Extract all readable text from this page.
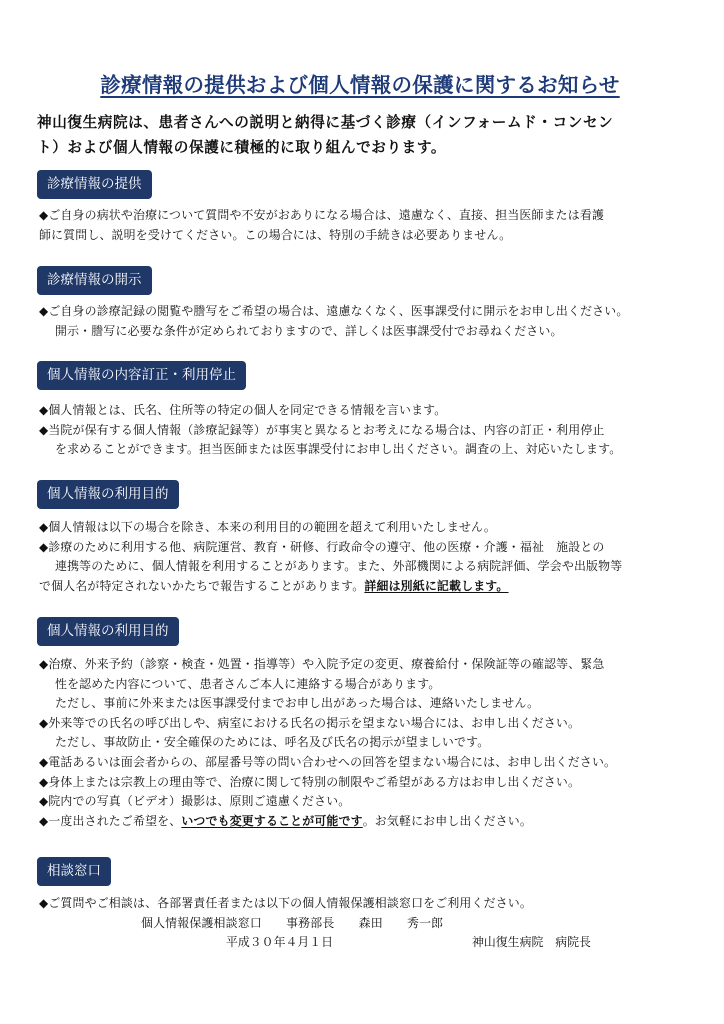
診療情報の提供および個人情報の保護に関するお知らせ
神山復生病院は、患者さんへの説明と納得に基づく診療（インフォームド・コンセン
ト）および個人情報の保護に積極的に取り組んでおります。
診療情報の提供
◆ご自身の病状や治療について質問や不安がおありになる場合は、遠慮なく、直接、担当医師または看護
師に質問し、説明を受けてください。この場合には、特別の手続きは必要ありません。
診療情報の開示
◆ご自身の診療記録の閲覧や謄写をご希望の場合は、遠慮なくなく、医事課受付に開示をお申し出ください。
開示・謄写に必要な条件が定められておりますので、詳しくは医事課受付でお尋ねください。
個人情報の内容訂正・利用停止
◆個人情報とは、氏名、住所等の特定の個人を同定できる情報を言います。
◆当院が保有する個人情報（診療記録等）が事実と異なるとお考えになる場合は、内容の訂正・利用停止
を求めることができます。担当医師または医事課受付にお申し出ください。調査の上、対応いたします。
個人情報の利用目的
◆個人情報は以下の場合を除き、本来の利用目的の範囲を超えて利用いたしません。
◆診療のために利用する他、病院運営、教育・研修、行政命令の遵守、他の医療・介護・福祉　施設との
連携等のために、個人情報を利用することがあります。また、外部機関による病院評価、学会や出版物等
で個人名が特定されないかたちで報告することがあります。詳細は別紙に記載します。
個人情報の利用目的
◆治療、外来予約（診察・検査・処置・指導等）や入院予定の変更、療養給付・保険証等の確認等、緊急
性を認めた内容について、患者さんご本人に連絡する場合があります。
ただし、事前に外来または医事課受付までお申し出があった場合は、連絡いたしません。
◆外来等での氏名の呼び出しや、病室における氏名の掲示を望まない場合には、お申し出ください。
ただし、事故防止・安全確保のためには、呼名及び氏名の掲示が望ましいです。
◆電話あるいは面会者からの、部屋番号等の問い合わせへの回答を望まない場合には、お申し出ください。
◆身体上または宗教上の理由等で、治療に関して特別の制限やご希望がある方はお申し出ください。
◆院内での写真（ビデオ）撮影は、原則ご遠慮ください。
◆一度出されたご希望を、いつでも変更することが可能です。お気軽にお申し出ください。
相談窓口
◆ご質問やご相談は、各部署責任者または以下の個人情報保護相談窓口をご利用ください。
個人情報保護相談窓口　　事務部長　　森田　　秀一郎
平成３０年４月１日	神山復生病院　病院長
